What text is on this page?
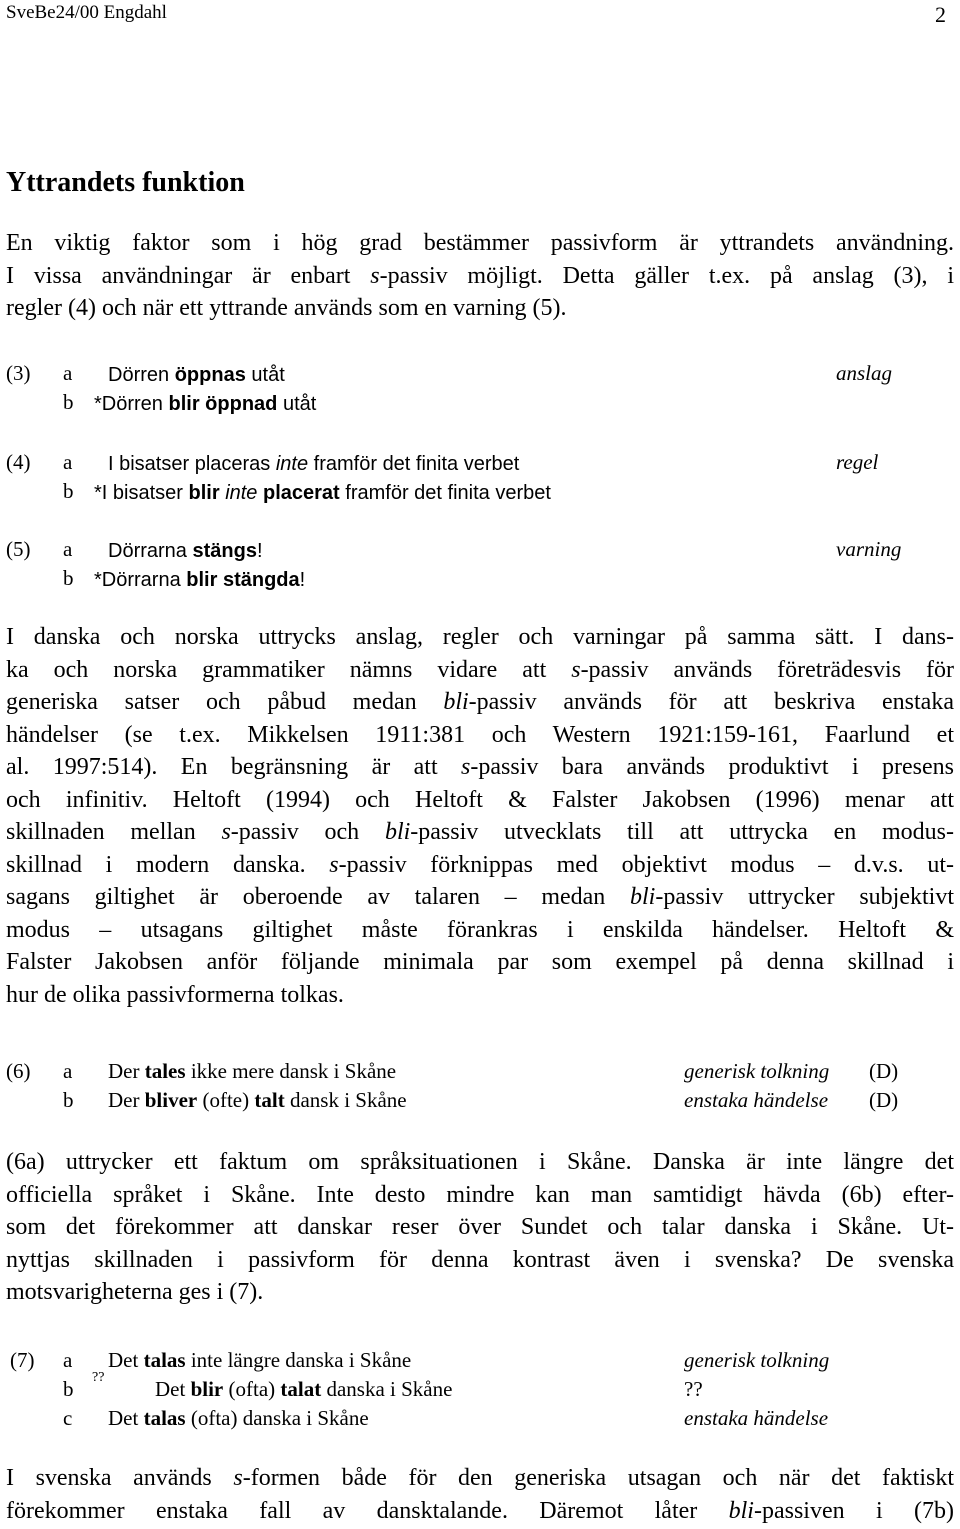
SveBe24/00 Engdahl	2
Yttrandets funktion
En viktig faktor som i hög grad bestämmer passivform är yttrandets användning.
I vissa användningar är enbart s-passiv möjligt. Detta gäller t.ex. på anslag (3), i
regler (4) och när ett yttrande används som en varning (5).
(3) a Dörren öppnas utåt	anslag
b *Dörren blir öppnad utåt
(4) a I bisatser placeras inte framför det finita verbet	regel
b *I bisatser blir inte placerat framför det finita verbet
(5) a Dörrarna stängs!	varning
b *Dörrarna blir stängda!
I danska och norska uttrycks anslag, regler och varningar på samma sätt. I dans-
ka och norska grammatiker nämns vidare att s-passiv används företrädesvis för
generiska satser och påbud medan bli-passiv används för att beskriva enstaka
händelser (se t.ex. Mikkelsen 1911:381 och Western 1921:159-161, Faarlund et
al. 1997:514). En begränsning är att s-passiv bara används produktivt i presens
och infinitiv. Heltoft (1994) och Heltoft & Falster Jakobsen (1996) menar att
skillnaden mellan s-passiv och bli-passiv utvecklats till att uttrycka en modus-
skillnad i modern danska. s-passiv förknippas med objektivt modus – d.v.s. ut-
sagans giltighet är oberoende av talaren – medan bli-passiv uttrycker subjektivt
modus – utsagans giltighet måste förankras i enskilda händelser. Heltoft &
Falster Jakobsen anför följande minimala par som exempel på denna skillnad i
hur de olika passivformerna tolkas.
(6) a Der tales ikke mere dansk i Skåne	generisk tolkning (D)
b Der bliver (ofte) talt dansk i Skåne	enstaka händelse (D)
(6a) uttrycker ett faktum om språksituationen i Skåne. Danska är inte längre det
officiella språket i Skåne. Inte desto mindre kan man samtidigt hävda (6b) efter-
som det förekommer att danskar reser över Sundet och talar danska i Skåne. Ut-
nyttjas skillnaden i passivform för denna kontrast även i svenska? De svenska
motsvarigheterna ges i (7).
(7) a Det talas inte längre danska i Skåne	generisk tolkning
b ?? Det blir (ofta) talat danska i Skåne	??
c Det talas (ofta) danska i Skåne	enstaka händelse
I svenska används s-formen både för den generiska utsagan och när det faktiskt
förekommer enstaka fall av dansktalande. Däremot låter bli-passiven i (7b)
